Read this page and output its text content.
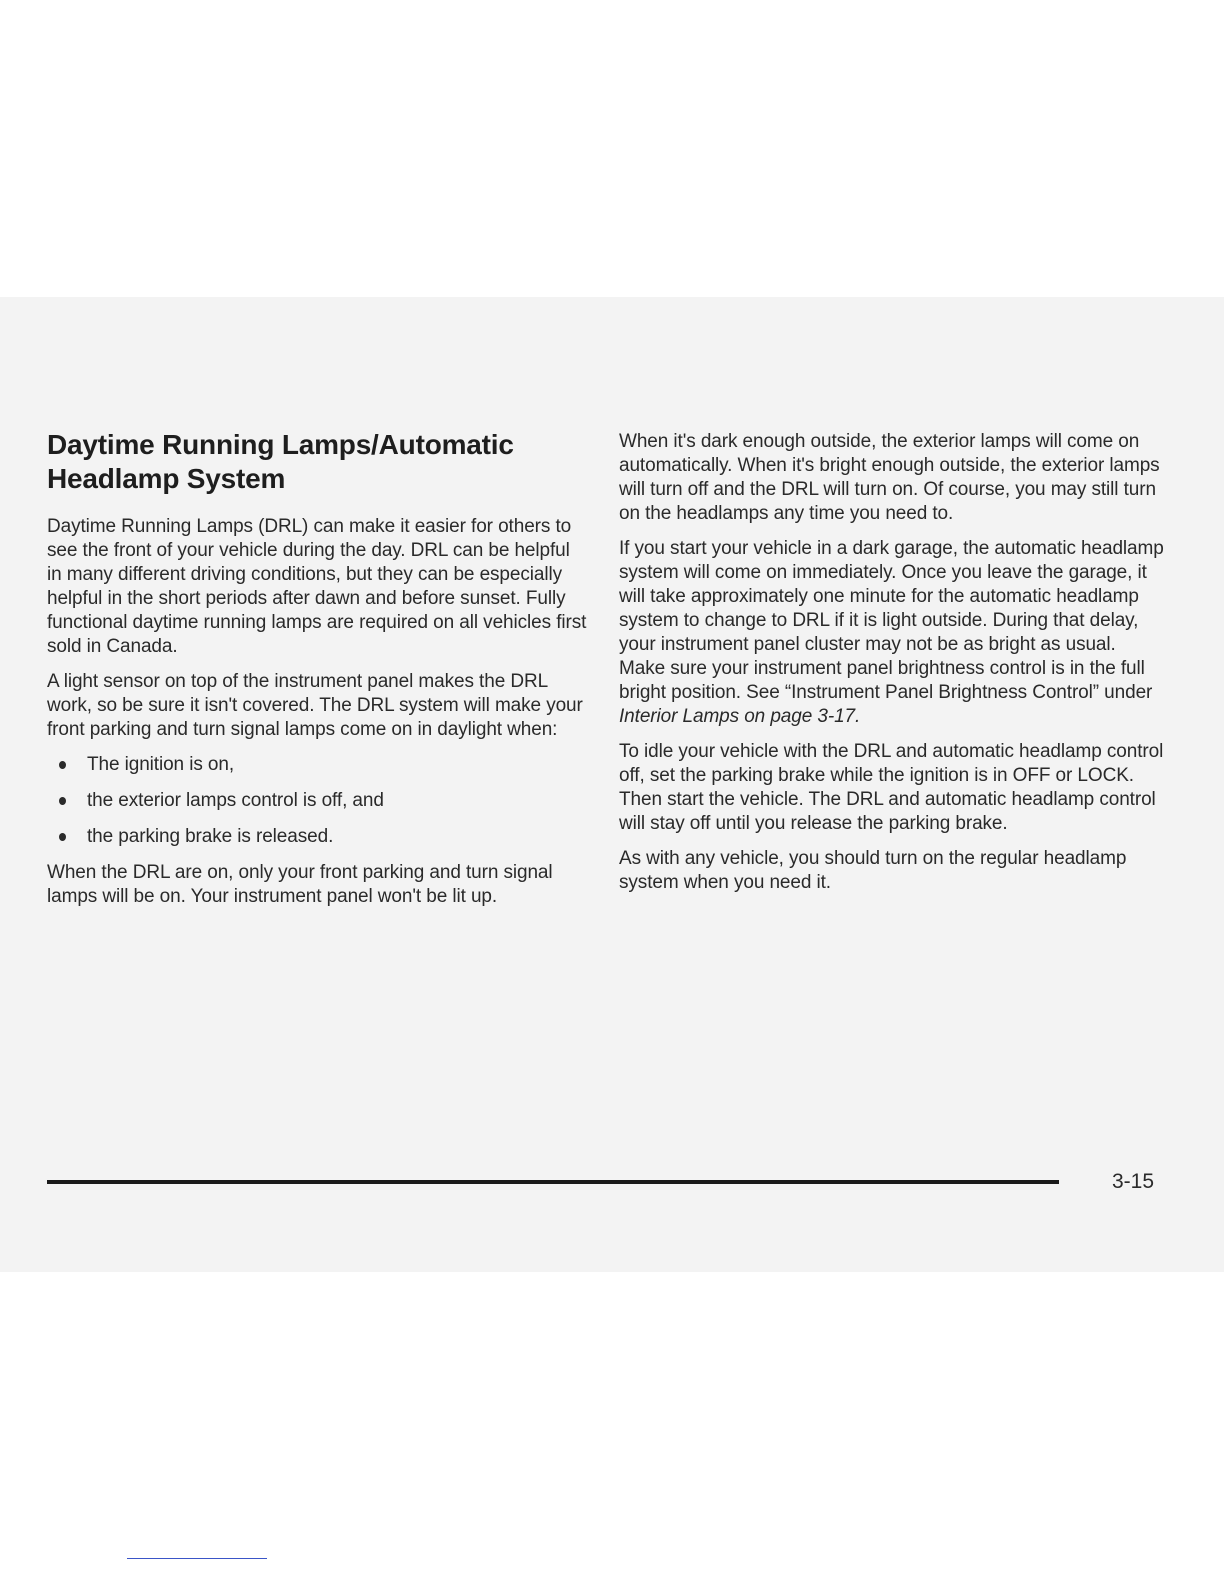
Daytime Running Lamps/Automatic Headlamp System

Daytime Running Lamps (DRL) can make it easier for others to see the front of your vehicle during the day. DRL can be helpful in many different driving conditions, but they can be especially helpful in the short periods after dawn and before sunset. Fully functional daytime running lamps are required on all vehicles first sold in Canada.

A light sensor on top of the instrument panel makes the DRL work, so be sure it isn't covered. The DRL system will make your front parking and turn signal lamps come on in daylight when:

The ignition is on,
the exterior lamps control is off, and
the parking brake is released.

When the DRL are on, only your front parking and turn signal lamps will be on. Your instrument panel won't be lit up.

When it's dark enough outside, the exterior lamps will come on automatically. When it's bright enough outside, the exterior lamps will turn off and the DRL will turn on. Of course, you may still turn on the headlamps any time you need to.

If you start your vehicle in a dark garage, the automatic headlamp system will come on immediately. Once you leave the garage, it will take approximately one minute for the automatic headlamp system to change to DRL if it is light outside. During that delay, your instrument panel cluster may not be as bright as usual. Make sure your instrument panel brightness control is in the full bright position. See “Instrument Panel Brightness Control” under Interior Lamps on page 3-17.

To idle your vehicle with the DRL and automatic headlamp control off, set the parking brake while the ignition is in OFF or LOCK. Then start the vehicle. The DRL and automatic headlamp control will stay off until you release the parking brake.

As with any vehicle, you should turn on the regular headlamp system when you need it.

3-15
